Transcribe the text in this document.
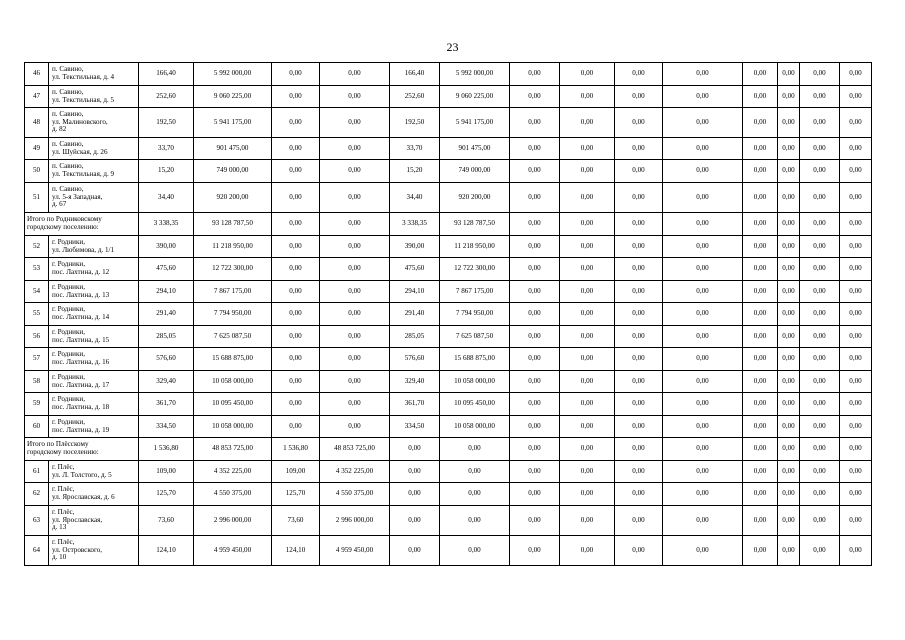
23
46	п. Савино,
ул. Текстильная, д. 4	166,40	5 992 000,00	0,00	0,00	166,40	5 992 000,00	0,00	0,00	0,00	0,00	0,00	0,00	0,00	0,00
47	п. Савино,
ул. Текстильная, д. 5	252,60	9 060 225,00	0,00	0,00	252,60	9 060 225,00	0,00	0,00	0,00	0,00	0,00	0,00	0,00	0,00
48	п. Савино,
ул. Малиновского,
д. 82	192,50	5 941 175,00	0,00	0,00	192,50	5 941 175,00	0,00	0,00	0,00	0,00	0,00	0,00	0,00	0,00
49	п. Савино,
ул. Шуйская, д. 26	33,70	901 475,00	0,00	0,00	33,70	901 475,00	0,00	0,00	0,00	0,00	0,00	0,00	0,00	0,00
50	п. Савино,
ул. Текстильная, д. 9	15,20	749 000,00	0,00	0,00	15,20	749 000,00	0,00	0,00	0,00	0,00	0,00	0,00	0,00	0,00
51	п. Савино,
ул. 5-я Западная,
д. 67	34,40	920 200,00	0,00	0,00	34,40	920 200,00	0,00	0,00	0,00	0,00	0,00	0,00	0,00	0,00
Итого по Родниковскому
городскому поселению:		3 338,35	93 128 787,50	0,00	0,00	3 338,35	93 128 787,50	0,00	0,00	0,00	0,00	0,00	0,00	0,00	0,00
52	г. Родники,
ул. Любимова, д. 1/1	390,00	11 218 950,00	0,00	0,00	390,00	11 218 950,00	0,00	0,00	0,00	0,00	0,00	0,00	0,00	0,00
53	г. Родники,
пос. Лахтина, д. 12	475,60	12 722 300,00	0,00	0,00	475,60	12 722 300,00	0,00	0,00	0,00	0,00	0,00	0,00	0,00	0,00
54	г. Родники,
пос. Лахтина, д. 13	294,10	7 867 175,00	0,00	0,00	294,10	7 867 175,00	0,00	0,00	0,00	0,00	0,00	0,00	0,00	0,00
55	г. Родники,
пос. Лахтина, д. 14	291,40	7 794 950,00	0,00	0,00	291,40	7 794 950,00	0,00	0,00	0,00	0,00	0,00	0,00	0,00	0,00
56	г. Родники,
пос. Лахтина, д. 15	285,05	7 625 087,50	0,00	0,00	285,05	7 625 087,50	0,00	0,00	0,00	0,00	0,00	0,00	0,00	0,00
57	г. Родники,
пос. Лахтина, д. 16	576,60	15 688 875,00	0,00	0,00	576,60	15 688 875,00	0,00	0,00	0,00	0,00	0,00	0,00	0,00	0,00
58	г. Родники,
пос. Лахтина, д. 17	329,40	10 058 000,00	0,00	0,00	329,40	10 058 000,00	0,00	0,00	0,00	0,00	0,00	0,00	0,00	0,00
59	г. Родники,
пос. Лахтина, д. 18	361,70	10 095 450,00	0,00	0,00	361,70	10 095 450,00	0,00	0,00	0,00	0,00	0,00	0,00	0,00	0,00
60	г. Родники,
пос. Лахтина, д. 19	334,50	10 058 000,00	0,00	0,00	334,50	10 058 000,00	0,00	0,00	0,00	0,00	0,00	0,00	0,00	0,00
Итого по Плёсскому
городскому поселению:		1 536,80	48 853 725,00	1 536,80	48 853 725,00	0,00	0,00	0,00	0,00	0,00	0,00	0,00	0,00	0,00	0,00
61	г. Плёс,
ул. Л. Толстого, д. 5	109,00	4 352 225,00	109,00	4 352 225,00	0,00	0,00	0,00	0,00	0,00	0,00	0,00	0,00	0,00	0,00
62	г. Плёс,
ул. Ярославская, д. 6	125,70	4 550 375,00	125,70	4 550 375,00	0,00	0,00	0,00	0,00	0,00	0,00	0,00	0,00	0,00	0,00
63	г. Плёс,
ул. Ярославская,
д. 13	73,60	2 996 000,00	73,60	2 996 000,00	0,00	0,00	0,00	0,00	0,00	0,00	0,00	0,00	0,00	0,00
64	г. Плёс,
ул. Островского,
д. 10	124,10	4 959 450,00	124,10	4 959 450,00	0,00	0,00	0,00	0,00	0,00	0,00	0,00	0,00	0,00	0,00
